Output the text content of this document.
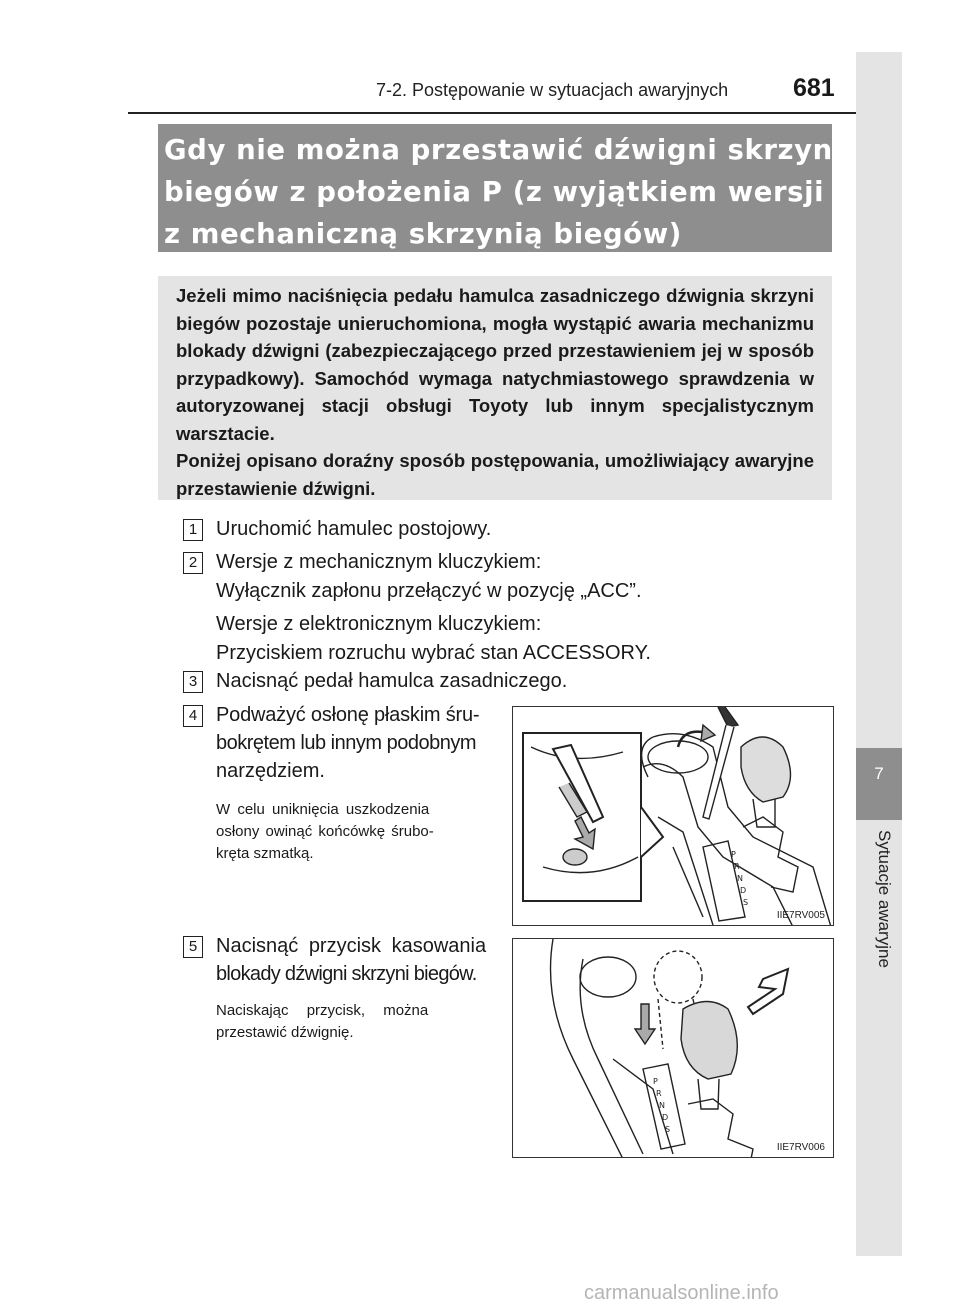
7
Sytuacje awaryjne
7-2. Postępowanie w sytuacjach awaryjnych	681
Gdy nie można przestawić dźwigni skrzyni
biegów z położenia P (z wyjątkiem wersji
z mechaniczną skrzynią biegów)

Jeżeli mimo naciśnięcia pedału hamulca zasadniczego dźwignia skrzyni biegów pozostaje unieruchomiona, mogła wystąpić awaria mechanizmu blokady dźwigni (zabezpieczającego przed przestawieniem jej w sposób przypadkowy). Samochód wymaga natychmiastowego sprawdzenia w autoryzowanej stacji obsługi Toyoty lub innym specjalistycznym warsztacie.

Poniżej opisano doraźny sposób postępowania, umożliwiający awaryjne przestawienie dźwigni.

1 Uruchomić hamulec postojowy.
2 Wersje z mechanicznym kluczykiem:
Wyłącznik zapłonu przełączyć w pozycję „ACC”.
Wersje z elektronicznym kluczykiem:
Przyciskiem rozruchu wybrać stan ACCESSORY.
3 Nacisnąć pedał hamulca zasadniczego.
4 Podważyć osłonę płaskim śru-
bokrętem lub innym podobnym
narzędziem.
W celu uniknięcia uszkodzenia
osłony owinąć końcówkę śrubo-
kręta szmatką.
5 Nacisnąć przycisk kasowania
blokady dźwigni skrzyni biegów.
Naciskając przycisk, można
przestawić dźwignię.
P
R
N
D
S
IIE7RV005
P
R
N
D
S
IIE7RV006
carmanualsonline.info
